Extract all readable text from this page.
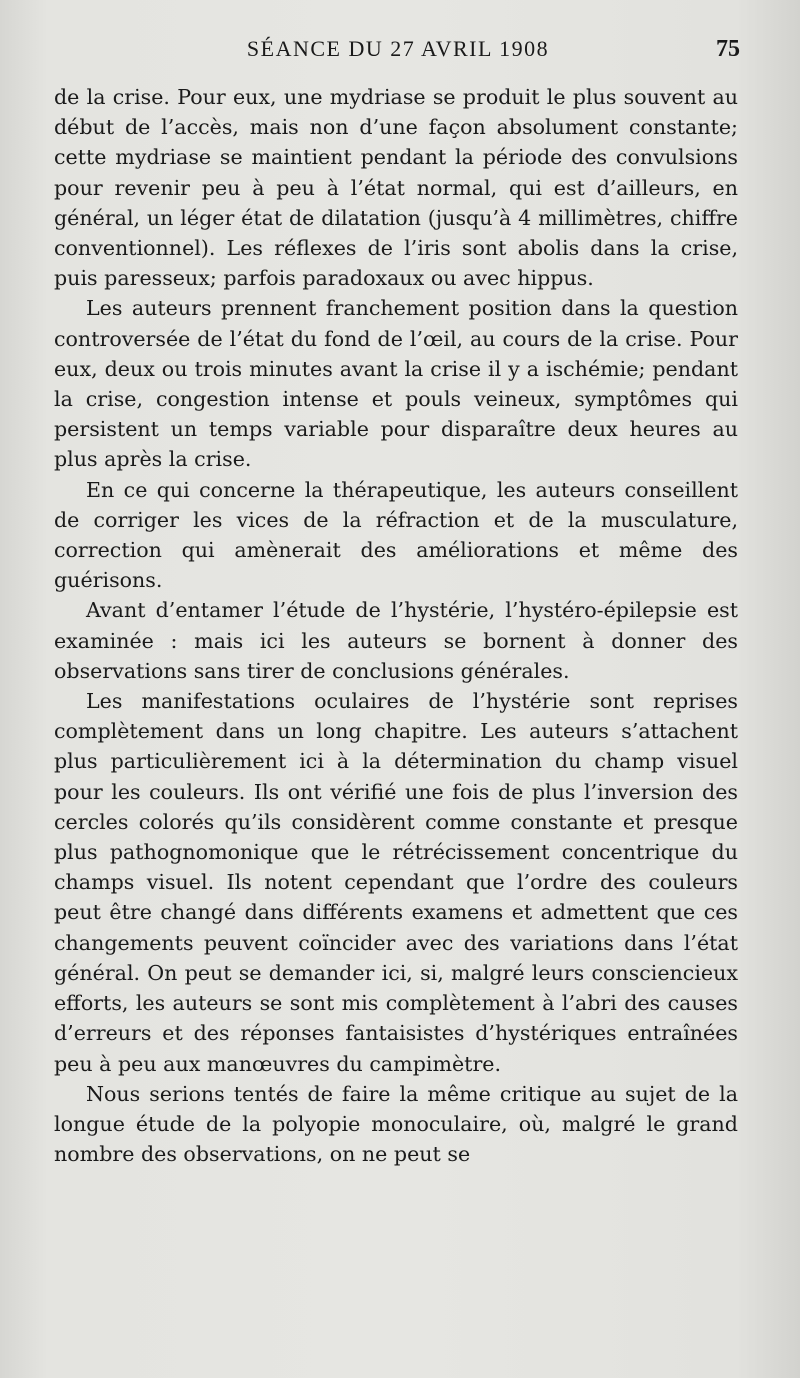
SÉANCE DU 27 AVRIL 1908	75

de la crise. Pour eux, une mydriase se produit le plus souvent au début de l’accès, mais non d’une façon absolument constante; cette mydriase se maintient pendant la période des convulsions pour revenir peu à peu à l’état normal, qui est d’ailleurs, en général, un léger état de dilatation (jusqu’à 4 millimètres, chiffre conventionnel). Les réflexes de l’iris sont abolis dans la crise, puis paresseux; parfois paradoxaux ou avec hippus.

Les auteurs prennent franchement position dans la question controversée de l’état du fond de l’œil, au cours de la crise. Pour eux, deux ou trois minutes avant la crise il y a ischémie; pendant la crise, congestion intense et pouls veineux, symptômes qui persistent un temps variable pour disparaître deux heures au plus après la crise.

En ce qui concerne la thérapeutique, les auteurs conseillent de corriger les vices de la réfraction et de la musculature, correction qui amènerait des améliorations et même des guérisons.

Avant d’entamer l’étude de l’hystérie, l’hystéro-épilepsie est examinée : mais ici les auteurs se bornent à donner des observations sans tirer de conclusions générales.

Les manifestations oculaires de l’hystérie sont reprises complètement dans un long chapitre. Les auteurs s’attachent plus particulièrement ici à la détermination du champ visuel pour les couleurs. Ils ont vérifié une fois de plus l’inversion des cercles colorés qu’ils considèrent comme constante et presque plus pathognomonique que le rétrécissement concentrique du champs visuel. Ils notent cependant que l’ordre des couleurs peut être changé dans différents examens et admettent que ces changements peuvent coïncider avec des variations dans l’état général. On peut se demander ici, si, malgré leurs consciencieux efforts, les auteurs se sont mis complètement à l’abri des causes d’erreurs et des réponses fantaisistes d’hystériques entraînées peu à peu aux manœuvres du campimètre.

Nous serions tentés de faire la même critique au sujet de la longue étude de la polyopie monoculaire, où, malgré le grand nombre des observations, on ne peut se
